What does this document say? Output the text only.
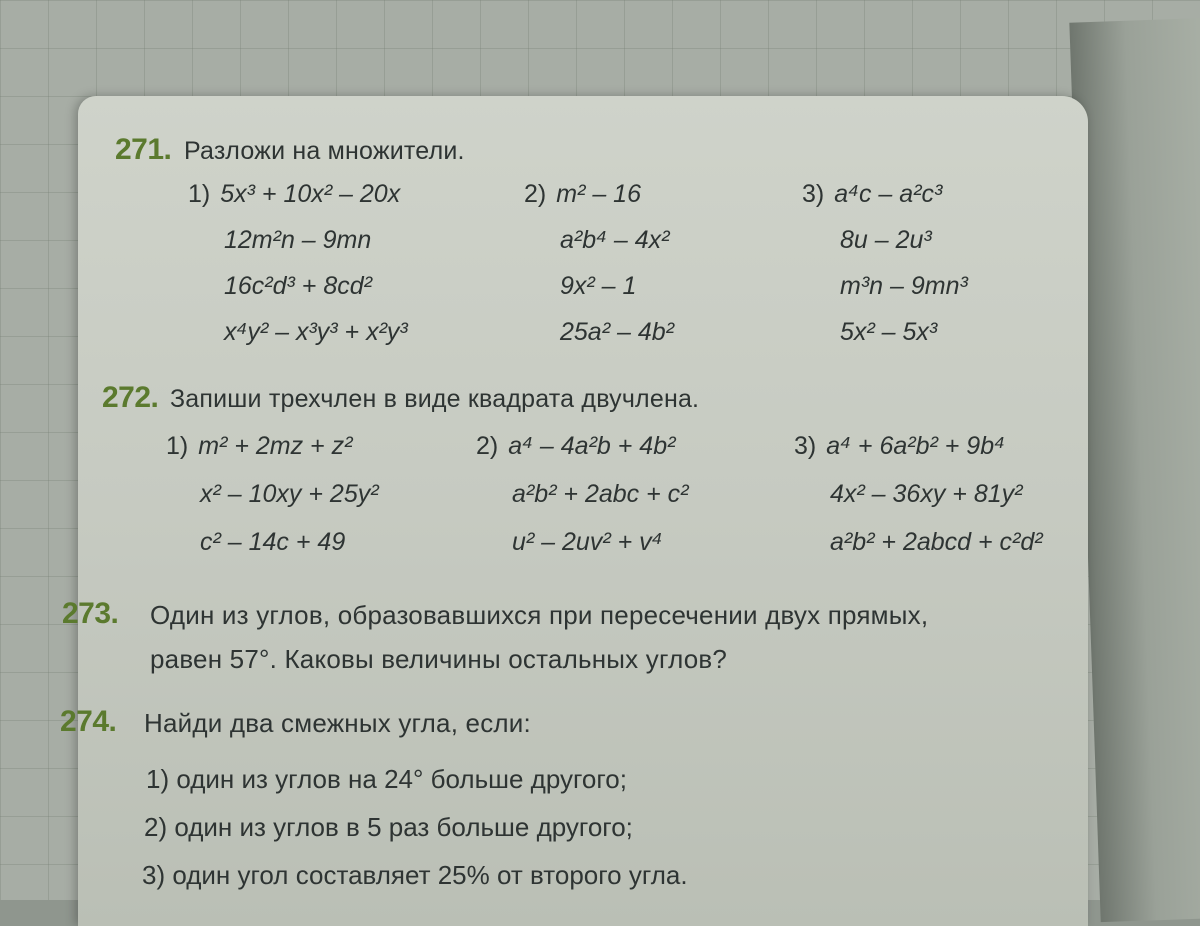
271. Разложи на множители.
1) 5x³ + 10x² – 20x
12m²n – 9mn
16c²d³ + 8cd²
x⁴y² – x³y³ + x²y³
2) m² – 16
a²b⁴ – 4x²
9x² – 1
25a² – 4b²
3) a⁴c – a²c³
8u – 2u³
m³n – 9mn³
5x² – 5x³
272. Запиши трехчлен в виде квадрата двучлена.
1) m² + 2mz + z²
x² – 10xy + 25y²
c² – 14c + 49
2) a⁴ – 4a²b + 4b²
a²b² + 2abc + c²
u² – 2uv² + v⁴
3) a⁴ + 6a²b² + 9b⁴
4x² – 36xy + 81y²
a²b² + 2abcd + c²d²
273. Один из углов, образовавшихся при пересечении двух прямых,
равен 57°. Каковы величины остальных углов?
274. Найди два смежных угла, если:
1) один из углов на 24° больше другого;
2) один из углов в 5 раз больше другого;
3) один угол составляет 25% от второго угла.
